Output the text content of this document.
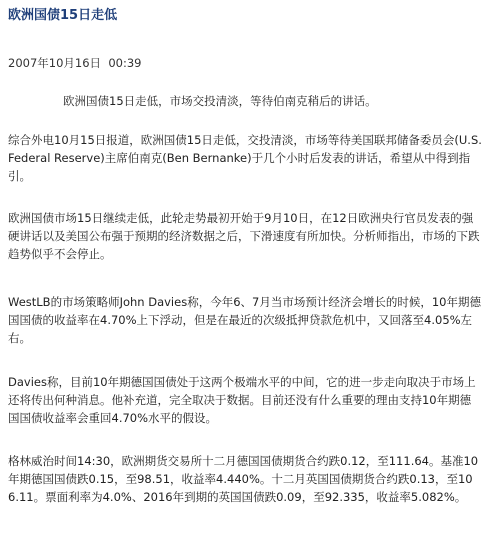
欧洲国债15日走低
2007年10月16日  00:39

欧洲国债15日走低，市场交投清淡，等待伯南克稍后的讲话。

综合外电10月15日报道，欧洲国债15日走低，交投清淡，市场等待美国联邦储备委员会(U.S. Federal Reserve)主席伯南克(Ben Bernanke)于几个小时后发表的讲话，希望从中得到指引。

欧洲国债市场15日继续走低，此轮走势最初开始于9月10日，在12日欧洲央行官员发表的强硬讲话以及美国公布强于预期的经济数据之后，下滑速度有所加快。分析师指出，市场的下跌趋势似乎不会停止。

WestLB的市场策略师John Davies称，今年6、7月当市场预计经济会增长的时候，10年期德国国债的收益率在4.70%上下浮动，但是在最近的次级抵押贷款危机中，又回落至4.05%左右。

Davies称，目前10年期德国国债处于这两个极端水平的中间，它的进一步走向取决于市场上还将传出何种消息。他补充道，完全取决于数据。目前还没有什么重要的理由支持10年期德国国债收益率会重回4.70%水平的假设。

格林威治时间14:30，欧洲期货交易所十二月德国国债期货合约跌0.12，至111.64。基准10年期德国国债跌0.15，至98.51，收益率4.440%。十二月英国国债期货合约跌0.13，至106.11。票面利率为4.0%、2016年到期的英国国债跌0.09，至92.335，收益率5.082%。
